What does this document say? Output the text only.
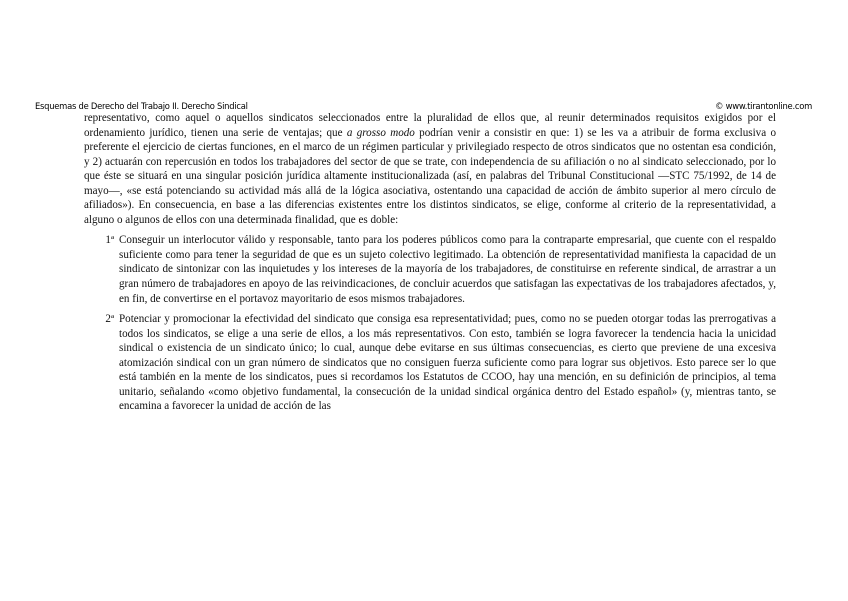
Esquemas de Derecho del Trabajo II. Derecho Sindical	© www.tirantonline.com

representativo, como aquel o aquellos sindicatos seleccionados entre la pluralidad de ellos que, al reunir determinados requisitos exigidos por el ordenamiento jurídico, tienen una serie de ventajas; que a grosso modo podrían venir a consistir en que: 1) se les va a atribuir de forma exclusiva o preferente el ejercicio de ciertas funciones, en el marco de un régimen particular y privilegiado respecto de otros sindicatos que no ostentan esa condición, y 2) actuarán con repercusión en todos los trabajadores del sector de que se trate, con independencia de su afiliación o no al sindicato seleccionado, por lo que éste se situará en una singular posición jurídica altamente institucionalizada (así, en palabras del Tribunal Constitucional —STC 75/1992, de 14 de mayo—, «se está potenciando su actividad más allá de la lógica asociativa, ostentando una capacidad de acción de ámbito superior al mero círculo de afiliados»). En consecuencia, en base a las diferencias existentes entre los distintos sindicatos, se elige, conforme al criterio de la representatividad, a alguno o algunos de ellos con una determinada finalidad, que es doble:

1ª Conseguir un interlocutor válido y responsable, tanto para los poderes públicos como para la contraparte empresarial, que cuente con el respaldo suficiente como para tener la seguridad de que es un sujeto colectivo legitimado. La obtención de representatividad manifiesta la capacidad de un sindicato de sintonizar con las inquietudes y los intereses de la mayoría de los trabajadores, de constituirse en referente sindical, de arrastrar a un gran número de trabajadores en apoyo de las reivindicaciones, de concluir acuerdos que satisfagan las expectativas de los trabajadores afectados, y, en fin, de convertirse en el portavoz mayoritario de esos mismos trabajadores.

2ª Potenciar y promocionar la efectividad del sindicato que consiga esa representatividad; pues, como no se pueden otorgar todas las prerrogativas a todos los sindicatos, se elige a una serie de ellos, a los más representativos. Con esto, también se logra favorecer la tendencia hacia la unicidad sindical o existencia de un sindicato único; lo cual, aunque debe evitarse en sus últimas consecuencias, es cierto que previene de una excesiva atomización sindical con un gran número de sindicatos que no consiguen fuerza suficiente como para lograr sus objetivos. Esto parece ser lo que está también en la mente de los sindicatos, pues si recordamos los Estatutos de CCOO, hay una mención, en su definición de principios, al tema unitario, señalando «como objetivo fundamental, la consecución de la unidad sindical orgánica dentro del Estado español» (y, mientras tanto, se encamina a favorecer la unidad de acción de las
